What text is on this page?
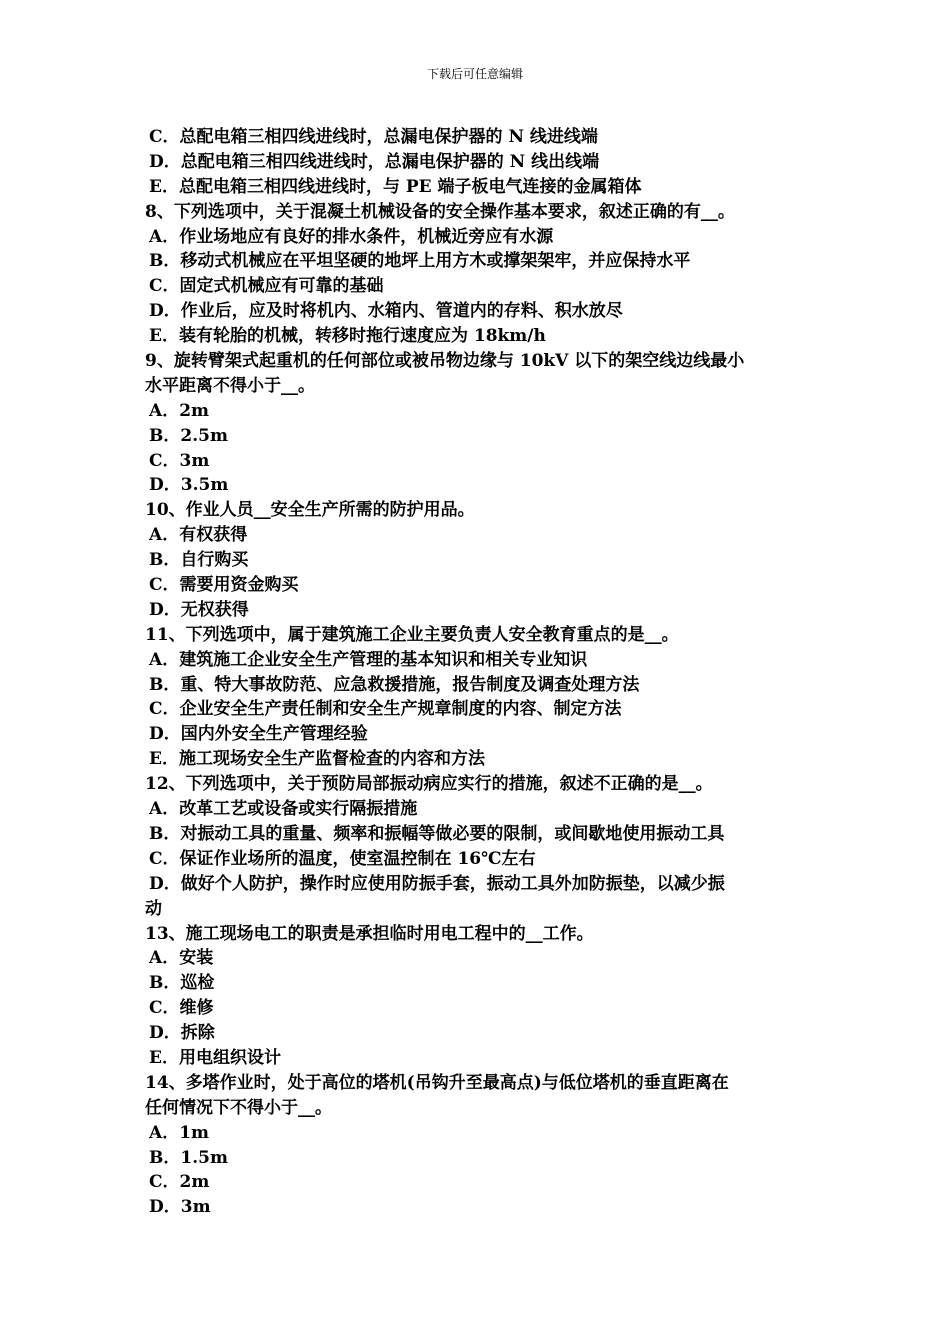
下载后可任意编辑
C．总配电箱三相四线进线时，总漏电保护器的 N 线进线端
D．总配电箱三相四线进线时，总漏电保护器的 N 线出线端
E．总配电箱三相四线进线时，与 PE 端子板电气连接的金属箱体
8、下列选项中，关于混凝土机械设备的安全操作基本要求，叙述正确的有__。
A．作业场地应有良好的排水条件，机械近旁应有水源
B．移动式机械应在平坦坚硬的地坪上用方木或撑架架牢，并应保持水平
C．固定式机械应有可靠的基础
D．作业后，应及时将机内、水箱内、管道内的存料、积水放尽
E．装有轮胎的机械，转移时拖行速度应为 18km/h
9、旋转臂架式起重机的任何部位或被吊物边缘与 10kV 以下的架空线边线最小
水平距离不得小于__。
A．2m
B．2.5m
C．3m
D．3.5m
10、作业人员__安全生产所需的防护用品。
A．有权获得
B．自行购买
C．需要用资金购买
D．无权获得
11、下列选项中，属于建筑施工企业主要负责人安全教育重点的是__。
A．建筑施工企业安全生产管理的基本知识和相关专业知识
B．重、特大事故防范、应急救援措施，报告制度及调查处理方法
C．企业安全生产责任制和安全生产规章制度的内容、制定方法
D．国内外安全生产管理经验
E．施工现场安全生产监督检查的内容和方法
12、下列选项中，关于预防局部振动病应实行的措施，叙述不正确的是__。
A．改革工艺或设备或实行隔振措施
B．对振动工具的重量、频率和振幅等做必要的限制，或间歇地使用振动工具
C．保证作业场所的温度，使室温控制在 16℃左右
D．做好个人防护，操作时应使用防振手套，振动工具外加防振垫，以减少振
动
13、施工现场电工的职责是承担临时用电工程中的__工作。
A．安装
B．巡检
C．维修
D．拆除
E．用电组织设计
14、多塔作业时，处于高位的塔机(吊钩升至最高点)与低位塔机的垂直距离在
任何情况下不得小于__。
A．1m
B．1.5m
C．2m
D．3m
